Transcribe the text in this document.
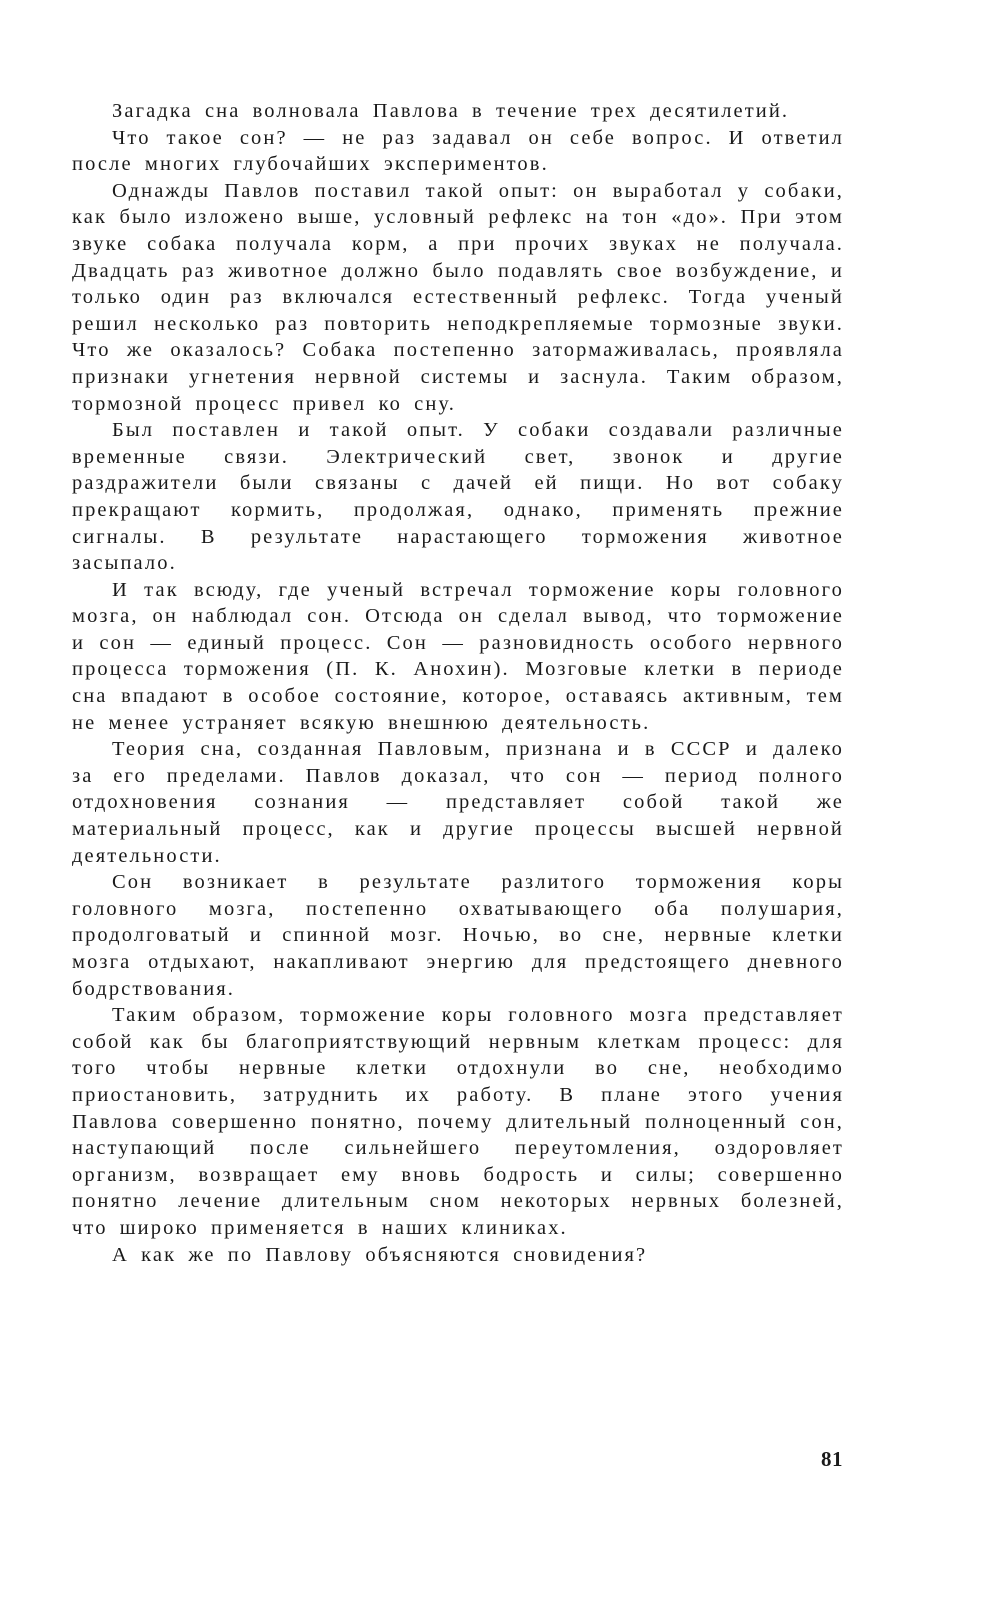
Загадка сна волновала Павлова в течение трех десятилетий.

Что такое сон? — не раз задавал он себе вопрос. И ответил после многих глубочайших экспериментов.

Однажды Павлов поставил такой опыт: он выработал у собаки, как было изложено выше, условный рефлекс на тон «до». При этом звуке собака получала корм, а при прочих звуках не получала. Двадцать раз животное должно было подавлять свое возбуждение, и только один раз включался естественный рефлекс. Тогда ученый решил несколько раз повторить неподкрепляемые тормозные звуки. Что же оказалось? Собака постепенно затормаживалась, проявляла признаки угнетения нервной системы и заснула. Таким образом, тормозной процесс привел ко сну.

Был поставлен и такой опыт. У собаки создавали различные временные связи. Электрический свет, звонок и другие раздражители были связаны с дачей ей пищи. Но вот собаку прекращают кормить, продолжая, однако, применять прежние сигналы. В результате нарастающего торможения животное засыпало.

И так всюду, где ученый встречал торможение коры головного мозга, он наблюдал сон. Отсюда он сделал вывод, что торможение и сон — единый процесс. Сон — разновидность особого нервного процесса торможения (П. К. Анохин). Мозговые клетки в периоде сна впадают в особое состояние, которое, оставаясь активным, тем не менее устраняет всякую внешнюю деятельность.

Теория сна, созданная Павловым, признана и в СССР и далеко за его пределами. Павлов доказал, что сон — период полного отдохновения сознания — представляет собой такой же материальный процесс, как и другие процессы высшей нервной деятельности.

Сон возникает в результате разлитого торможения коры головного мозга, постепенно охватывающего оба полушария, продолговатый и спинной мозг. Ночью, во сне, нервные клетки мозга отдыхают, накапливают энергию для предстоящего дневного бодрствования.

Таким образом, торможение коры головного мозга представляет собой как бы благоприятствующий нервным клеткам процесс: для того чтобы нервные клетки отдохнули во сне, необходимо приостановить, затруднить их работу. В плане этого учения Павлова совершенно понятно, почему длительный полноценный сон, наступающий после сильнейшего переутомления, оздоровляет организм, возвращает ему вновь бодрость и силы; совершенно понятно лечение длительным сном некоторых нервных болезней, что широко применяется в наших клиниках.

А как же по Павлову объясняются сновидения?

81
